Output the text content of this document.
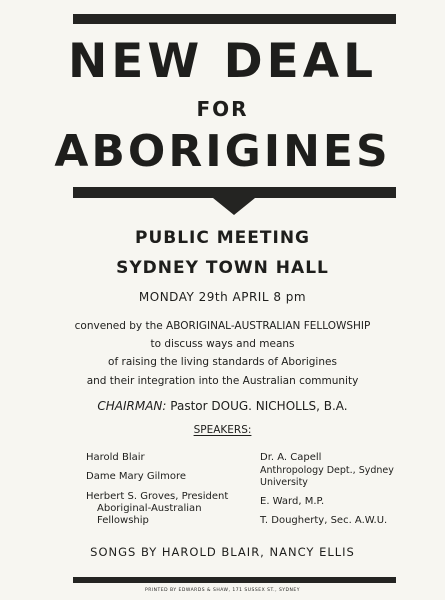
NEW DEAL
FOR
ABORIGINES
PUBLIC MEETING
SYDNEY TOWN HALL
MONDAY 29th APRIL 8 pm
convened by the ABORIGINAL-AUSTRALIAN FELLOWSHIP
to discuss ways and means
of raising the living standards of Aborigines
and their integration into the Australian community
CHAIRMAN: Pastor DOUG. NICHOLLS, B.A.
SPEAKERS:
Harold Blair
Dame Mary Gilmore
Herbert S. Groves, President
Aboriginal-Australian
Fellowship
Dr. A. Capell
Anthropology Dept., Sydney
University
E. Ward, M.P.
T. Dougherty, Sec. A.W.U.
SONGS BY HAROLD BLAIR, NANCY ELLIS
PRINTED BY EDWARDS & SHAW, 171 SUSSEX ST., SYDNEY
